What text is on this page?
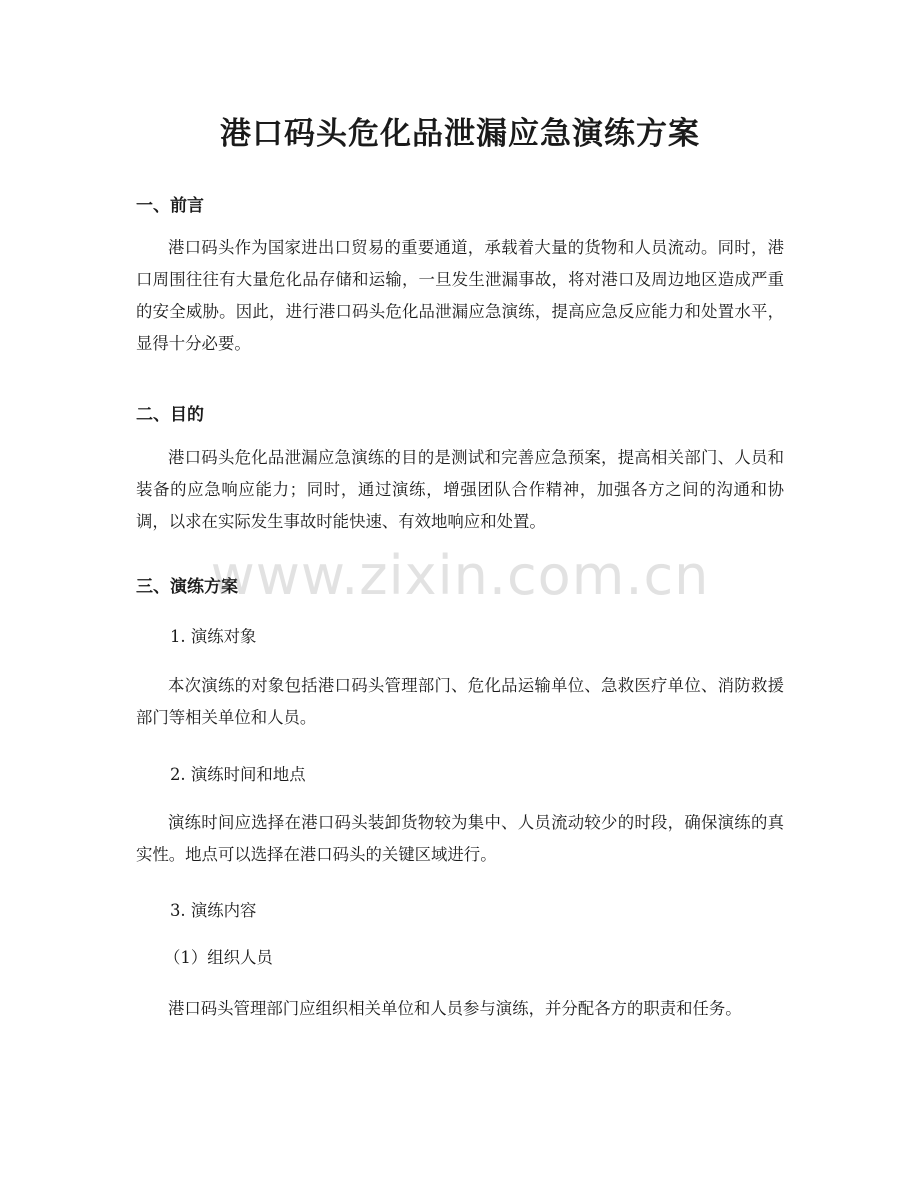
港口码头危化品泄漏应急演练方案
一、前言

港口码头作为国家进出口贸易的重要通道，承载着大量的货物和人员流动。同时，港口周围往往有大量危化品存储和运输，一旦发生泄漏事故，将对港口及周边地区造成严重的安全威胁。因此，进行港口码头危化品泄漏应急演练，提高应急反应能力和处置水平，显得十分必要。

二、目的

港口码头危化品泄漏应急演练的目的是测试和完善应急预案，提高相关部门、人员和装备的应急响应能力；同时，通过演练，增强团队合作精神，加强各方之间的沟通和协调，以求在实际发生事故时能快速、有效地响应和处置。

三、演练方案

1. 演练对象

本次演练的对象包括港口码头管理部门、危化品运输单位、急救医疗单位、消防救援部门等相关单位和人员。

2. 演练时间和地点

演练时间应选择在港口码头装卸货物较为集中、人员流动较少的时段，确保演练的真实性。地点可以选择在港口码头的关键区域进行。

3. 演练内容

（1）组织人员

港口码头管理部门应组织相关单位和人员参与演练，并分配各方的职责和任务。

www.zixin.com.cn
